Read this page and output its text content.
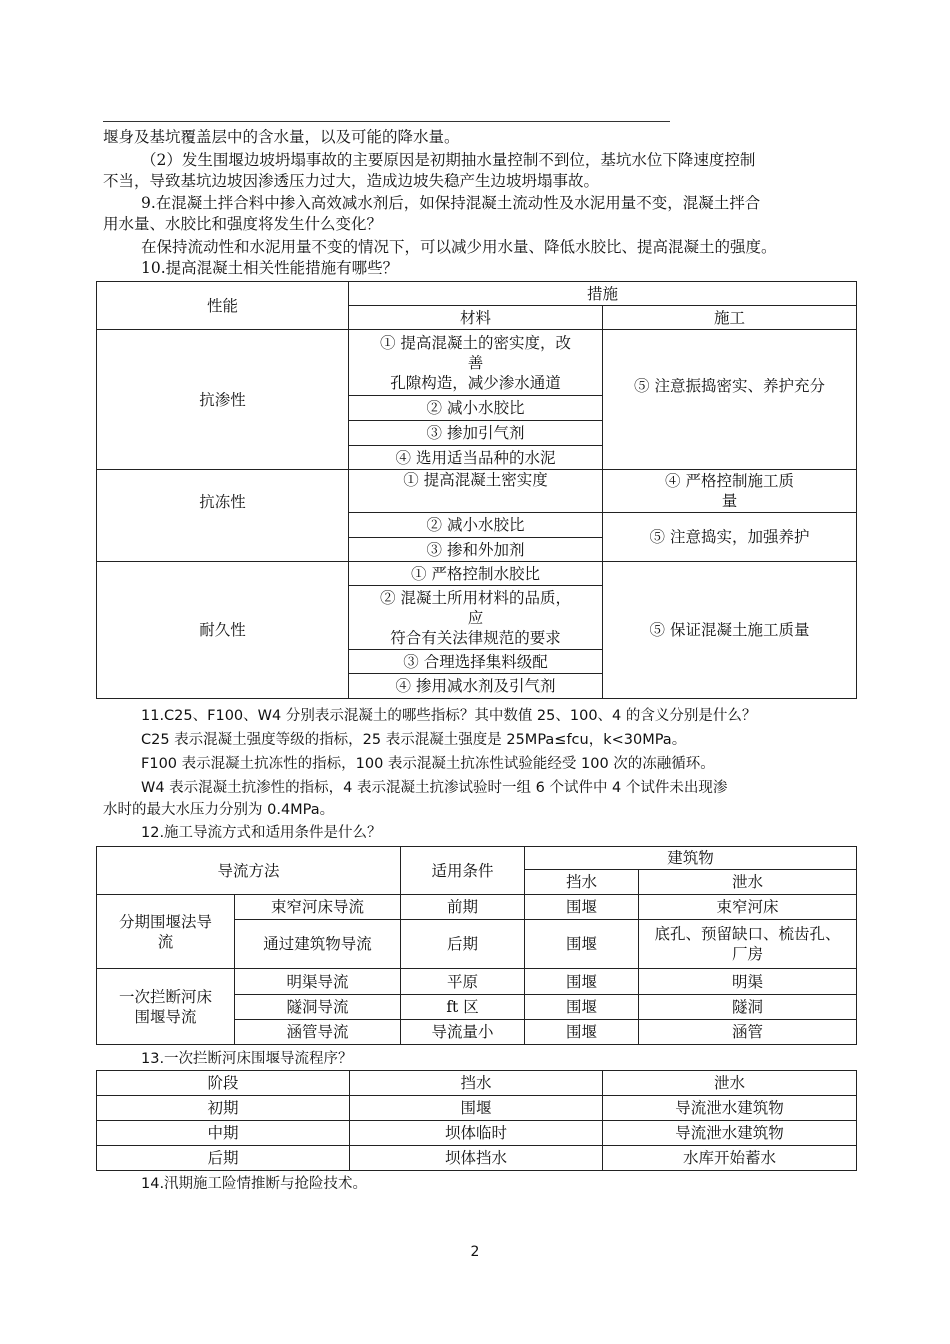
堰身及基坑覆盖层中的含水量，以及可能的降水量。
（2）发生围堰边坡坍塌事故的主要原因是初期抽水量控制不到位，基坑水位下降速度控制
不当，导致基坑边坡因渗透压力过大，造成边坡失稳产生边坡坍塌事故。
9.在混凝土拌合料中掺入高效减水剂后，如保持混凝土流动性及水泥用量不变，混凝土拌合
用水量、水胶比和强度将发生什么变化？
在保持流动性和水泥用量不变的情况下，可以减少用水量、降低水胶比、提高混凝土的强度。
10.提高混凝土相关性能措施有哪些？
性能	措施	
	材料	施工
抗渗性	① 提高混凝土的密实度，改
善
孔隙构造，减少渗水通道	⑤ 注意振捣密实、养护充分
	② 减小水胶比	
	③ 掺加引气剂	
	④ 选用适当品种的水泥	
抗冻性	① 提高混凝土密实度	④ 严格控制施工质
量

	② 减小水胶比	⑤ 注意捣实，加强养护
	③ 掺和外加剂	
耐久性	① 严格控制水胶比	⑤ 保证混凝土施工质量

	② 混凝土所用材料的品质，
应
符合有关法律规范的要求	

	③ 合理选择集料级配	
	④ 掺用减水剂及引气剂	
11.C25、F100、W4 分别表示混凝土的哪些指标？其中数值 25、100、4 的含义分别是什么？
C25 表示混凝土强度等级的指标，25 表示混凝土强度是 25MPa≤fcu，k<30MPa。
F100 表示混凝土抗冻性的指标，100 表示混凝土抗冻性试验能经受 100 次的冻融循环。
W4 表示混凝土抗渗性的指标，4 表示混凝土抗渗试验时一组 6 个试件中 4 个试件未出现渗
水时的最大水压力分别为 0.4MPa。
12.施工导流方式和适用条件是什么？
导流方法		适用条件	建筑物	
			挡水	泄水

分期围堰法导
流	束窄河床导流	前期	围堰	束窄河床
	通过建筑物导流	后期	围堰	底孔、预留缺口、梳齿孔、
厂房

一次拦断河床
围堰导流	明渠导流	平原	围堰	明渠
	隧洞导流	ft 区	围堰	隧洞
	涵管导流	导流量小	围堰	涵管
13.一次拦断河床围堰导流程序？
阶段	挡水	泄水
初期	围堰	导流泄水建筑物
中期	坝体临时	导流泄水建筑物
后期	坝体挡水	水库开始蓄水
14.汛期施工险情推断与抢险技术。
2
